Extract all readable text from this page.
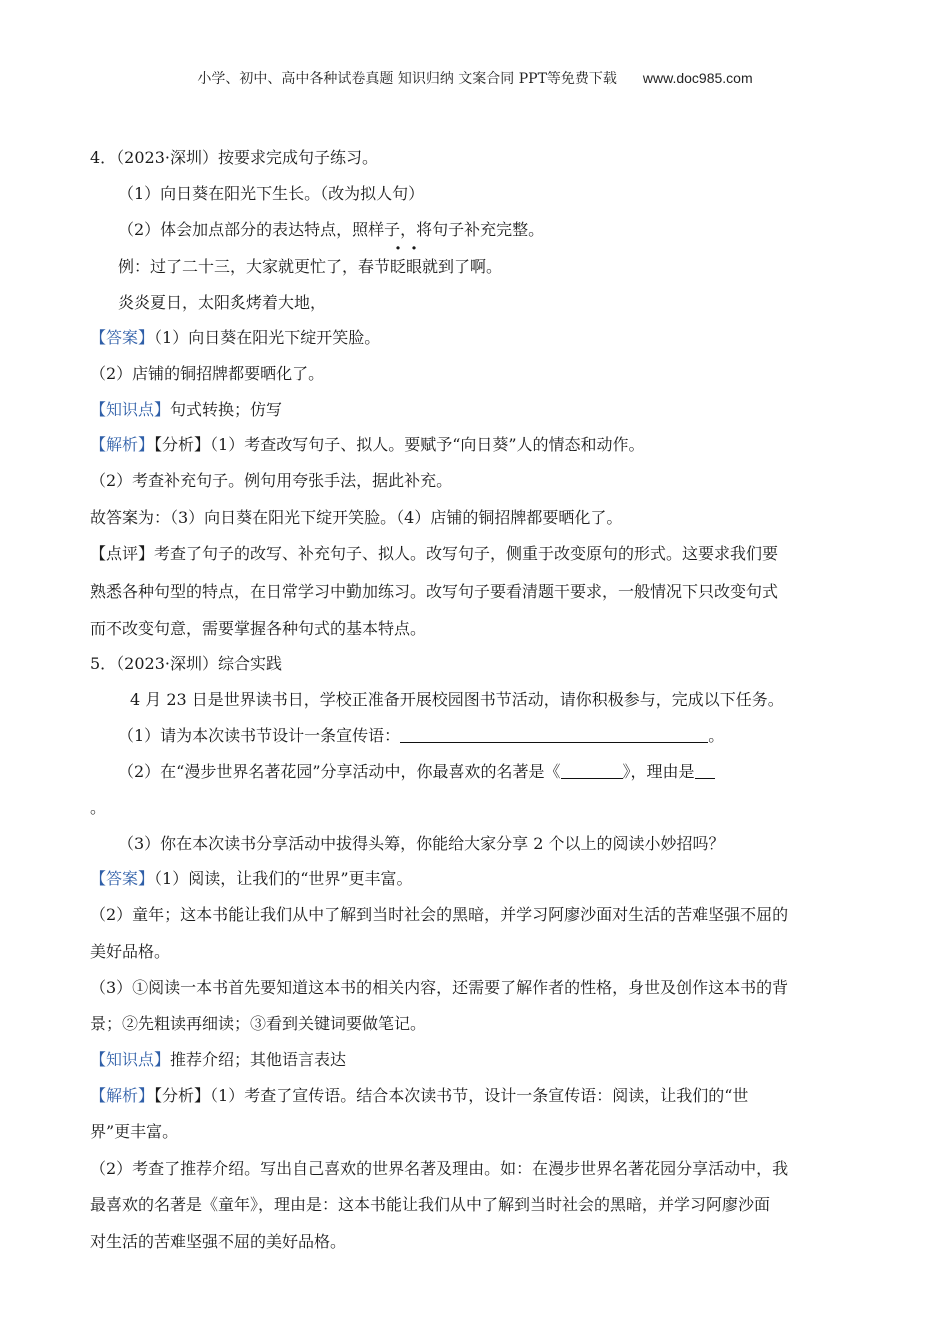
小学、初中、高中各种试卷真题 知识归纳 文案合同 PPT等免费下载 www.doc985.com
4．（2023·深圳）按要求完成句子练习。
（1）向日葵在阳光下生长。（改为拟人句）
（2）体会加点部分的表达特点，照样子，将句子补充完整。
例：过了二十三，大家就更忙了，春节眨眼就到了啊。
炎炎夏日，太阳炙烤着大地，
【答案】（1）向日葵在阳光下绽开笑脸。
（2）店铺的铜招牌都要晒化了。
【知识点】句式转换；仿写
【解析】【分析】（1）考查改写句子、拟人。要赋予“向日葵”人的情态和动作。
（2）考查补充句子。例句用夸张手法，据此补充。
故答案为：（3）向日葵在阳光下绽开笑脸。（4）店铺的铜招牌都要晒化了。
【点评】考查了句子的改写、补充句子、拟人。改写句子，侧重于改变原句的形式。这要求我们要
熟悉各种句型的特点，在日常学习中勤加练习。改写句子要看清题干要求，一般情况下只改变句式
而不改变句意，需要掌握各种句式的基本特点。
5．（2023·深圳）综合实践
4 月 23 日是世界读书日，学校正准备开展校园图书节活动，请你积极参与，完成以下任务。
（1）请为本次读书节设计一条宣传语：	。
（2）在“漫步世界名著花园”分享活动中，你最喜欢的名著是《	》，理由是
。
（3）你在本次读书分享活动中拔得头筹，你能给大家分享 2 个以上的阅读小妙招吗？
【答案】（1）阅读，让我们的“世界”更丰富。
（2）童年；这本书能让我们从中了解到当时社会的黑暗，并学习阿廖沙面对生活的苦难坚强不屈的
美好品格。
（3）①阅读一本书首先要知道这本书的相关内容，还需要了解作者的性格，身世及创作这本书的背
景；②先粗读再细读；③看到关键词要做笔记。
【知识点】推荐介绍；其他语言表达
【解析】【分析】（1）考查了宣传语。结合本次读书节，设计一条宣传语：阅读，让我们的“世
界”更丰富。
（2）考查了推荐介绍。写出自己喜欢的世界名著及理由。如：在漫步世界名著花园分享活动中，我
最喜欢的名著是《童年》，理由是：这本书能让我们从中了解到当时社会的黑暗，并学习阿廖沙面
对生活的苦难坚强不屈的美好品格。
